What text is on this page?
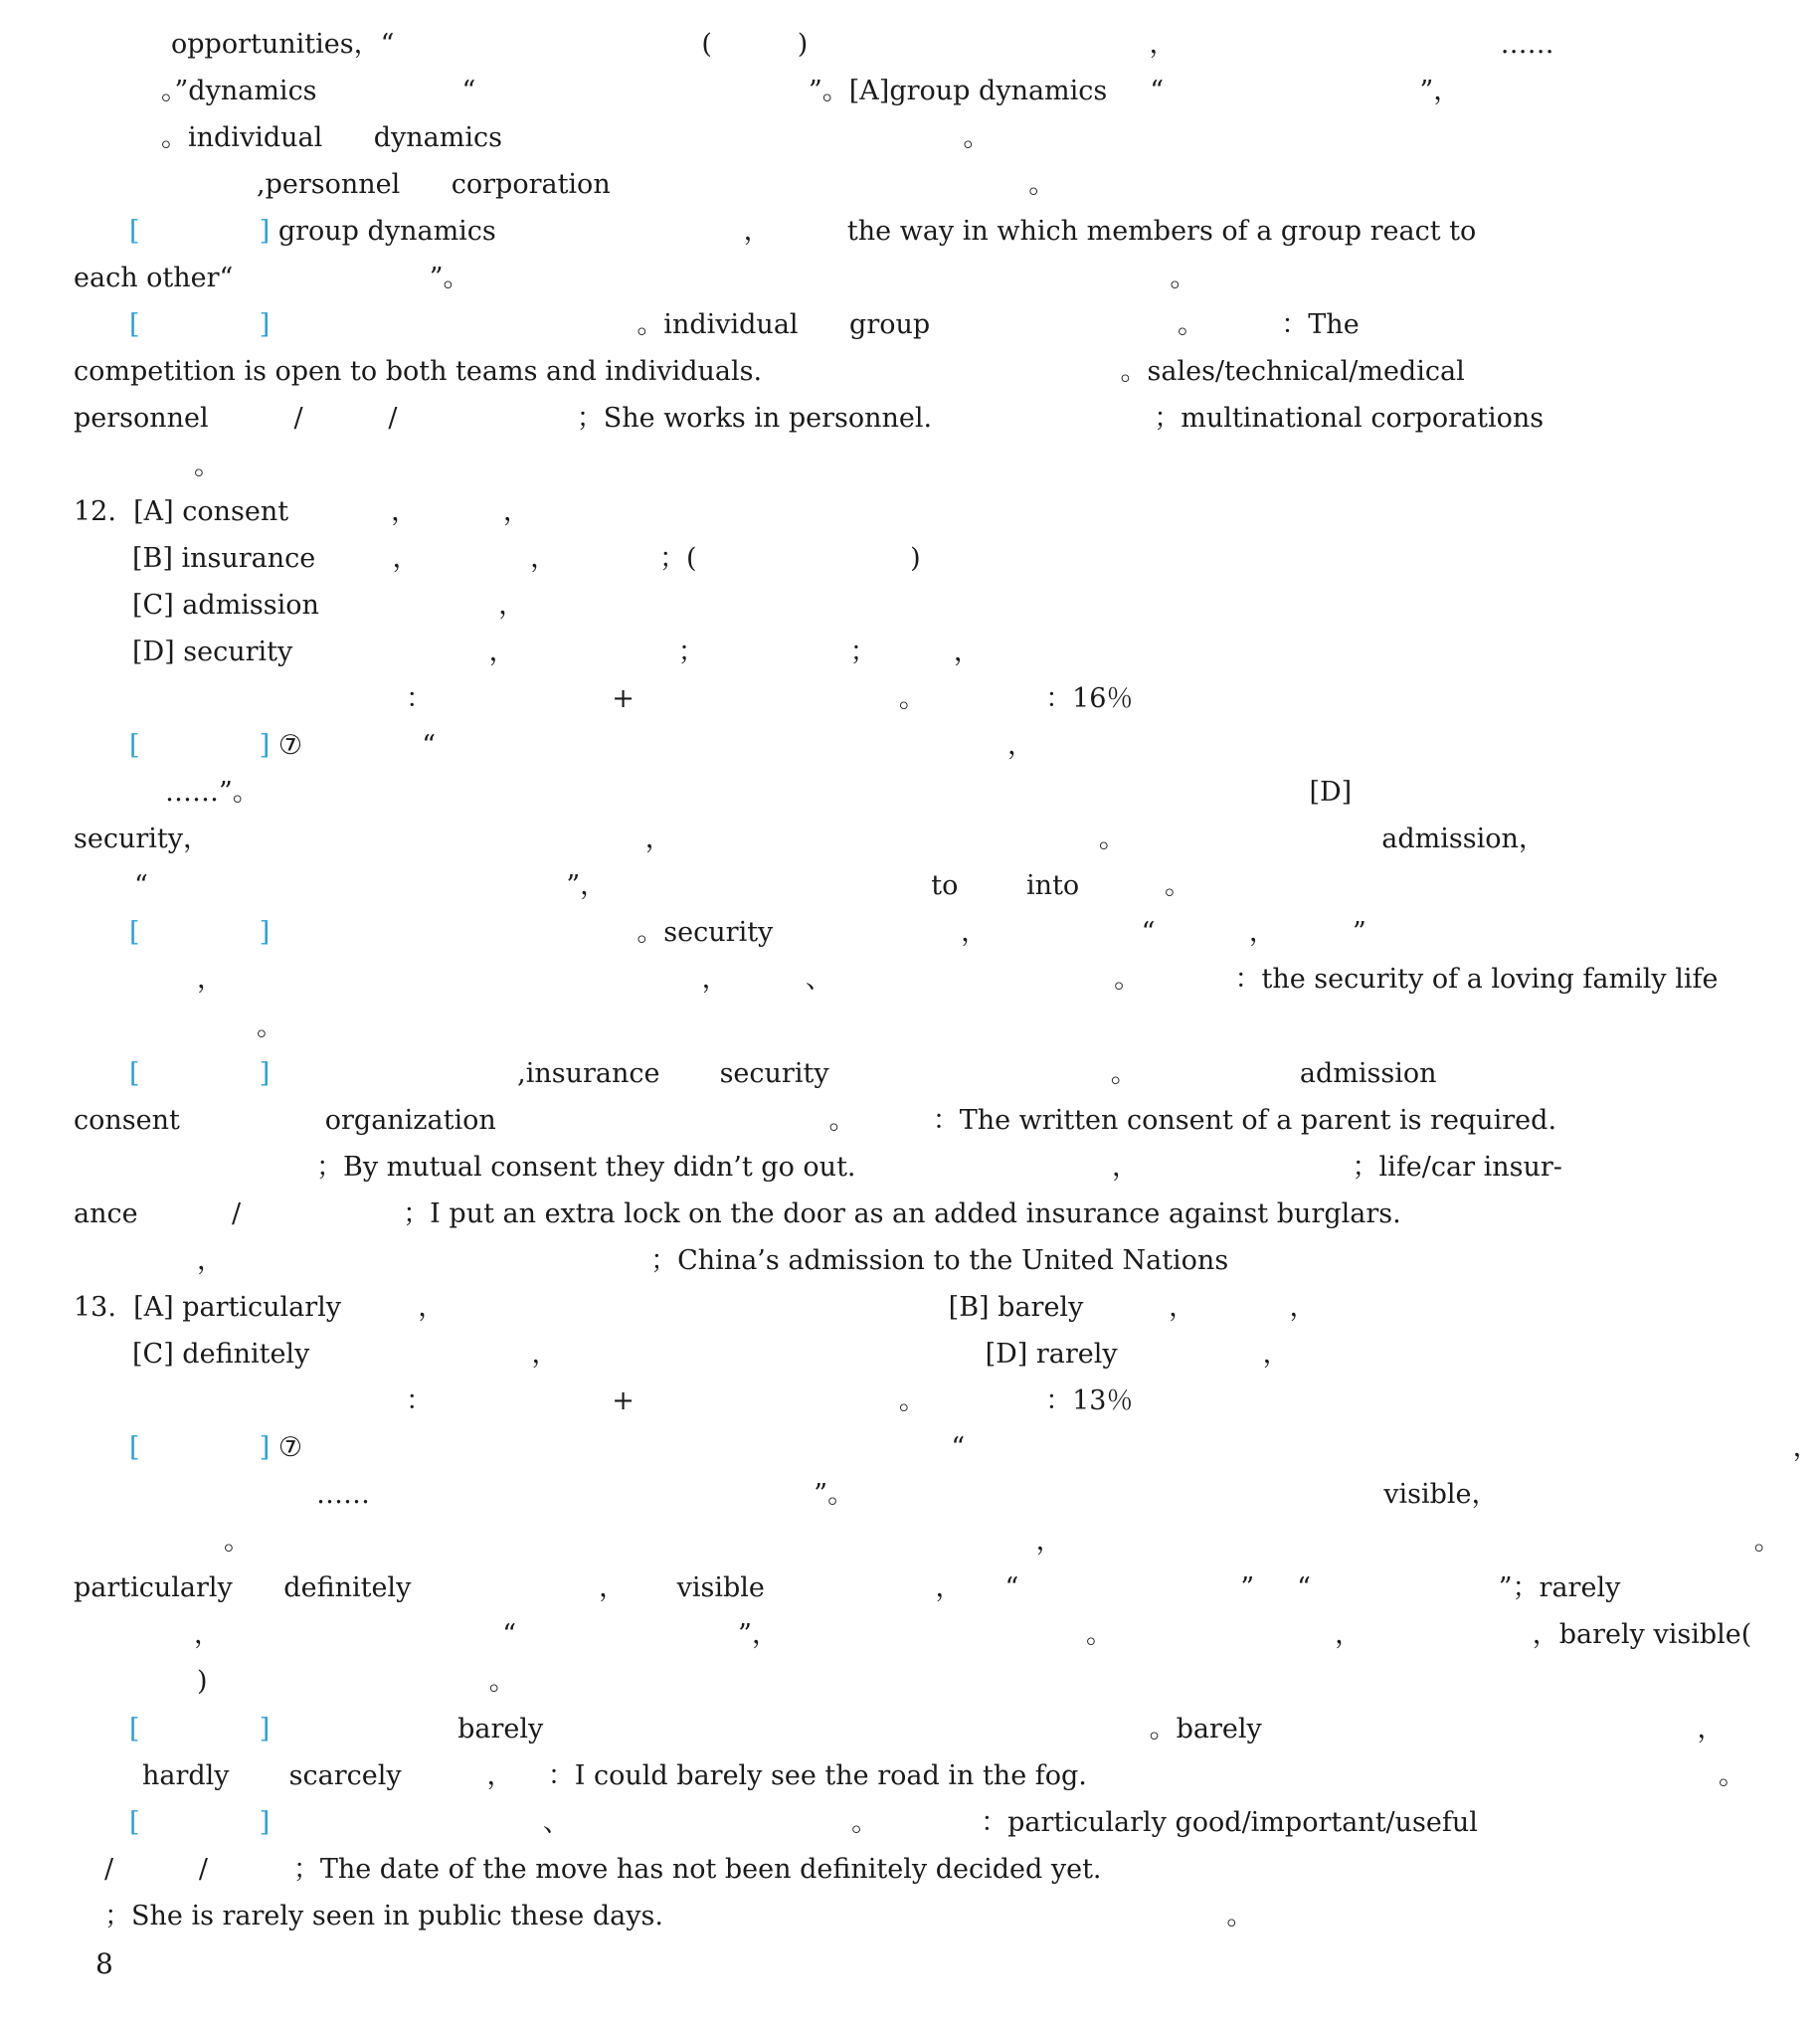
opportunities，“                                    (          )                                        ，                                      ……

。”dynamics                 “                                       ”。[A]group dynamics     “                              ”，

。individual      dynamics                                                      。

,personnel      corporation                                                 。

[	] group dynamics                             ，         the way in which members of a group react to

each other“                       ”。                                                                                  。

[	]	。individual      group                             。         ：The

competition is open to both teams and individuals.                                          。sales/technical/medical

personnel          /          /                     ；She works in personnel.                          ；multinational corporations

。

12.  [A] consent            ，          ，

[B] insurance         ，             ，            ；(                         )

[C] admission                     ，

[D] security                       ，                   ；                 ；         ，

：                     +                               。              ：16％

[	] ⑦              “                                                                   ，

……”。                                                                                                                           [D]

security，                                                   ，                                                  。                              admission，

“                                                 ”，                                      to        into          。

[	]	。security                      ，                  “           ，         ”

，                                                        ，         、                                 。           ：the security of a loving family life

。

[	]	,insurance       security                                 。                   admission

consent                 organization                                       。         ：The written consent of a parent is required.

；By mutual consent they didn’t go out.                              ，                         ；life/car insur-

ance           /                   ；I put an extra lock on the door as an added insurance against burglars.

，                                                  ；China’s admission to the United Nations

13.  [A] particularly         ，                                                           [B] barely          ，           ，

[C] definitely                          ，                                                  [D] rarely                 ，

：                     +                               。              ：13％

[	] ⑦                                                                            “                                                                                                 ，

……                                                    ”。                                                              visible，

。                                                                                            ，                                                                                 。

particularly      definitely                      ，      visible                    ，     “                          ”     “                      ”；rarely

，                                 “                          ”，                                    。                          ，                    ，barely visible(

)                                 。

[	]	barely                                                                       。barely                                                   ，

hardly       scarcely          ，    ：I could barely see the road in the fog.                                                                          。

[	]	、                                 。            ：particularly good/important/useful

/          /          ；The date of the move has not been definitely decided yet.

；She is rarely seen in public these days.                                                                  。

8
